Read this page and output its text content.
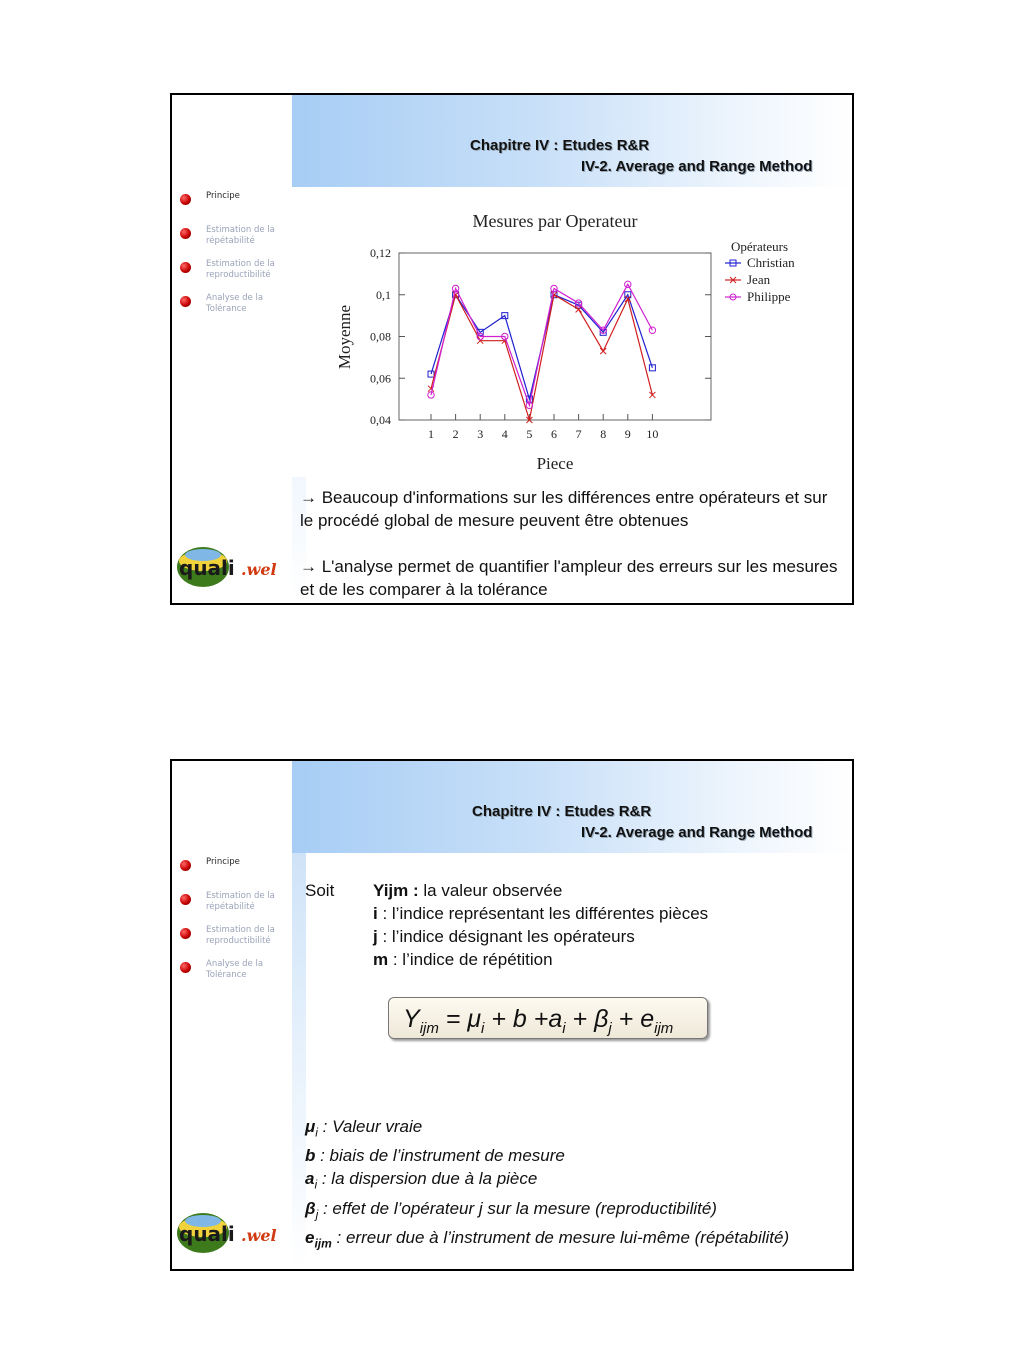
Chapitre IV : Etudes R&R
IV-2. Average and Range Method
Principe
Estimation de la répétabilité
Estimation de la reproductibilité
Analyse de la Tolérance
Mesures par Operateur
0,04
0,06
0,08
0,1
0,12
1 2 3 4 5 6 7 8 9 10
Piece
Moyenne
Opérateurs
Christian
Jean
Philippe
→ Beaucoup d'informations sur les différences entre opérateurs et sur le procédé global de mesure peuvent être obtenues
→ L'analyse permet de quantifier l'ampleur des erreurs sur les mesures et de les comparer à la tolérance
quali .wel
Chapitre IV : Etudes R&R
IV-2. Average and Range Method
Principe
Estimation de la répétabilité
Estimation de la reproductibilité
Analyse de la Tolérance
Soit Yijm : la valeur observée
i : l’indice représentant les différentes pièces
j : l’indice désignant les opérateurs
m : l’indice de répétition
$Y_{ijm} = \mu_i + b +a_i + \beta_j + e_{ijm}$
$\mu_i$ : Valeur vraie
b : biais de l’instrument de mesure
$a_i$ : la dispersion due à la pièce
$\beta_j$ : effet de l’opérateur j sur la mesure (reproductibilité)
$e_{ijm}$ : erreur due à l’instrument de mesure lui-même (répétabilité)
quali .wel
